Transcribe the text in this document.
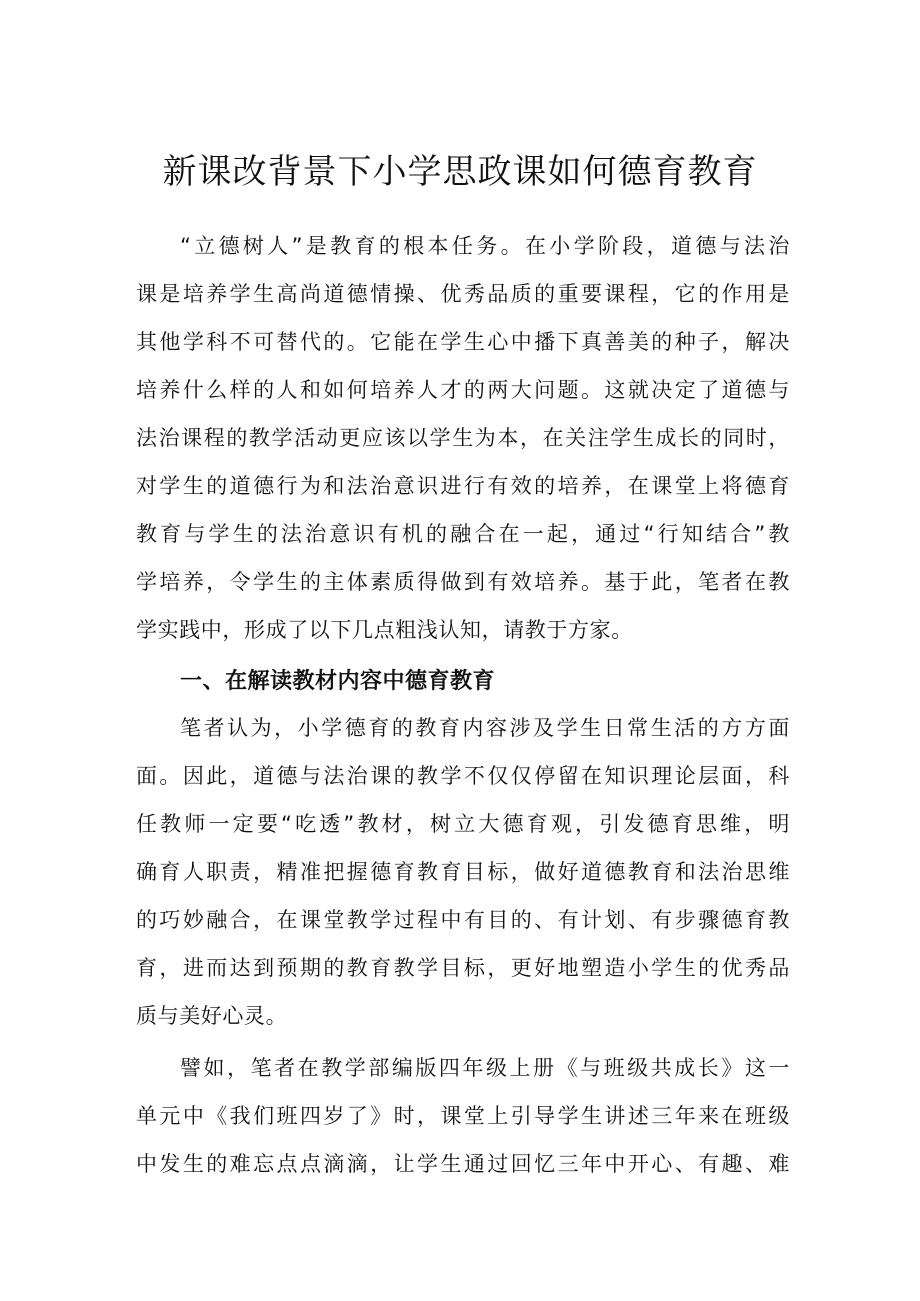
新课改背景下小学思政课如何德育教育
“立德树人”是教育的根本任务。在小学阶段，道德与法治
课是培养学生高尚道德情操、优秀品质的重要课程，它的作用是
其他学科不可替代的。它能在学生心中播下真善美的种子，解决
培养什么样的人和如何培养人才的两大问题。这就决定了道德与
法治课程的教学活动更应该以学生为本，在关注学生成长的同时，
对学生的道德行为和法治意识进行有效的培养，在课堂上将德育
教育与学生的法治意识有机的融合在一起，通过“行知结合”教
学培养，令学生的主体素质得做到有效培养。基于此，笔者在教
学实践中，形成了以下几点粗浅认知，请教于方家。
一、在解读教材内容中德育教育
笔者认为，小学德育的教育内容涉及学生日常生活的方方面
面。因此，道德与法治课的教学不仅仅停留在知识理论层面，科
任教师一定要“吃透”教材，树立大德育观，引发德育思维，明
确育人职责，精准把握德育教育目标，做好道德教育和法治思维
的巧妙融合，在课堂教学过程中有目的、有计划、有步骤德育教
育，进而达到预期的教育教学目标，更好地塑造小学生的优秀品
质与美好心灵。
譬如，笔者在教学部编版四年级上册《与班级共成长》这一
单元中《我们班四岁了》时，课堂上引导学生讲述三年来在班级
中发生的难忘点点滴滴，让学生通过回忆三年中开心、有趣、难
